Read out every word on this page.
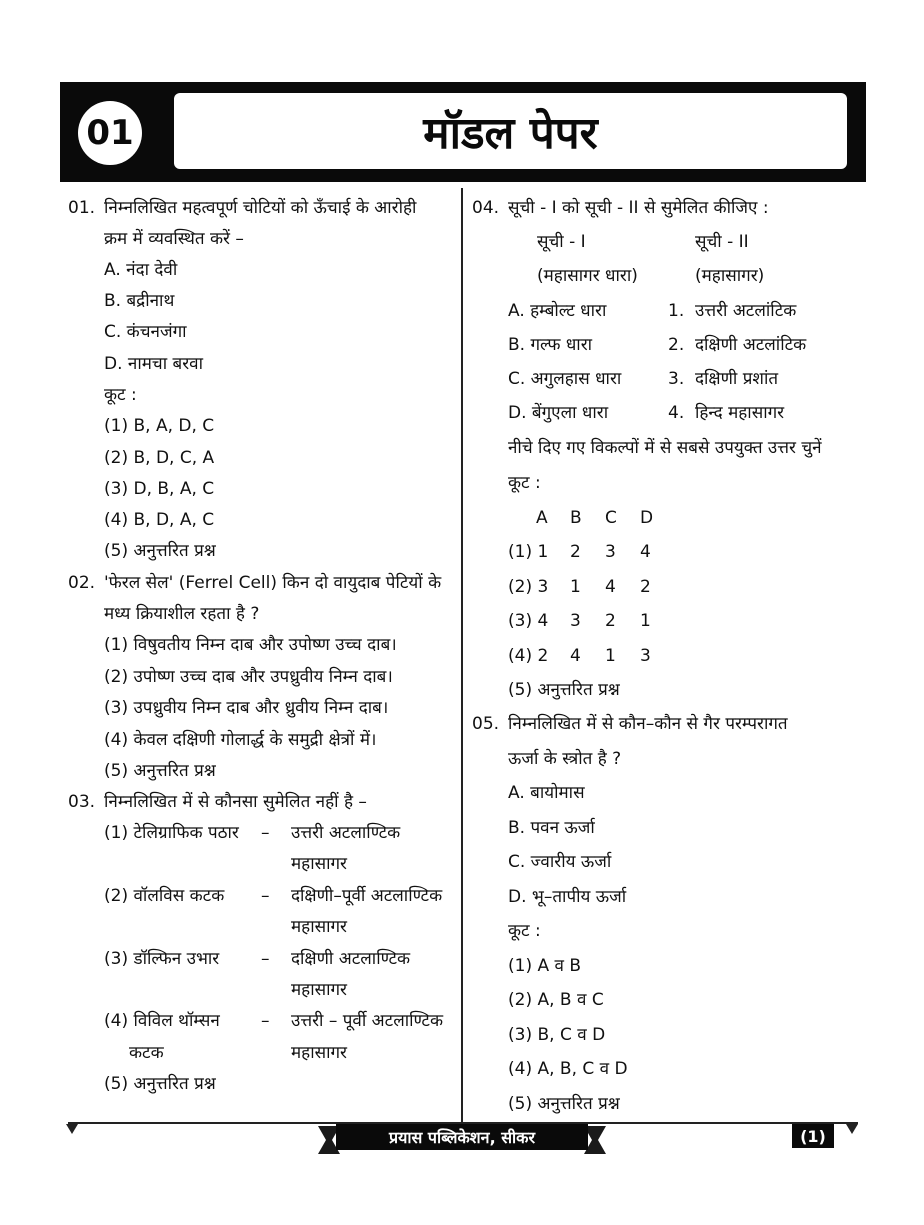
01	मॉडल पेपर
01. निम्नलिखित महत्वपूर्ण चोटियों को ऊँचाई के आरोही
क्रम में व्यवस्थित करें –
A. नंदा देवी
B. बद्रीनाथ
C. कंचनजंगा
D. नामचा बरवा
कूट :
(1) B, A, D, C
(2) B, D, C, A
(3) D, B, A, C
(4) B, D, A, C
(5) अनुत्तरित प्रश्न
02. 'फेरल सेल' (Ferrel Cell) किन दो वायुदाब पेटियों के
मध्य क्रियाशील रहता है ?
(1) विषुवतीय निम्न दाब और उपोष्ण उच्च दाब।
(2) उपोष्ण उच्च दाब और उपध्रुवीय निम्न दाब।
(3) उपध्रुवीय निम्न दाब और ध्रुवीय निम्न दाब।
(4) केवल दक्षिणी गोलार्द्ध के समुद्री क्षेत्रों में।
(5) अनुत्तरित प्रश्न
03. निम्नलिखित में से कौनसा सुमेलित नहीं है –
(1) टेलिग्राफिक पठार – उत्तरी अटलाण्टिक
महासागर
(2) वॉलविस कटक – दक्षिणी–पूर्वी अटलाण्टिक
महासागर
(3) डॉल्फिन उभार – दक्षिणी अटलाण्टिक
महासागर
(4) विविल थॉम्सन – उत्तरी – पूर्वी अटलाण्टिक
कटक	महासागर
(5) अनुत्तरित प्रश्न
04. सूची - I को सूची - II से सुमेलित कीजिए :
सूची - I	सूची - II
(महासागर धारा)	(महासागर)
A. हम्बोल्ट धारा	1. उत्तरी अटलांटिक
B. गल्फ धारा	2. दक्षिणी अटलांटिक
C. अगुलहास धारा	3. दक्षिणी प्रशांत
D. बेंगुएला धारा	4. हिन्द महासागर
नीचे दिए गए विकल्पों में से सबसे उपयुक्त उत्तर चुनें
कूट :
A B C D
(1) 1 2 3 4
(2) 3 1 4 2
(3) 4 3 2 1
(4) 2 4 1 3
(5) अनुत्तरित प्रश्न
05. निम्नलिखित में से कौन–कौन से गैर परम्परागत
ऊर्जा के स्त्रोत है ?
A. बायोमास
B. पवन ऊर्जा
C. ज्वारीय ऊर्जा
D. भू–तापीय ऊर्जा
कूट :
(1) A व B
(2) A, B व C
(3) B, C व D
(4) A, B, C व D
(5) अनुत्तरित प्रश्न
प्रयास पब्लिकेशन, सीकर	(1)
